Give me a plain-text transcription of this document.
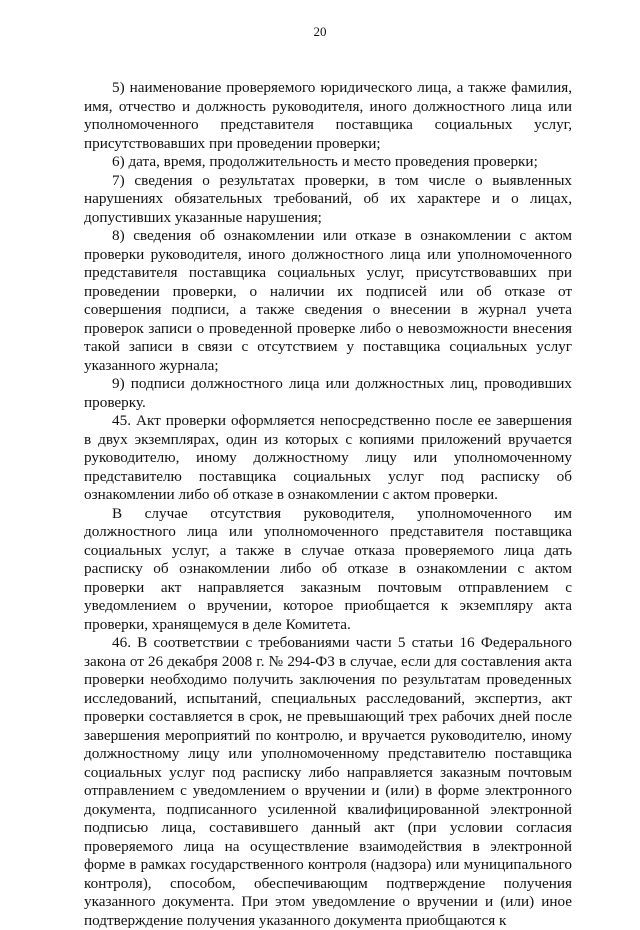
20

5) наименование проверяемого юридического лица, а также фамилия, имя, отчество и должность руководителя, иного должностного лица или уполномоченного представителя поставщика социальных услуг, присутствовавших при проведении проверки;

6) дата, время, продолжительность и место проведения проверки;

7) сведения о результатах проверки, в том числе о выявленных нарушениях обязательных требований, об их характере и о лицах, допустивших указанные нарушения;

8) сведения об ознакомлении или отказе в ознакомлении с актом проверки руководителя, иного должностного лица или уполномоченного представителя поставщика социальных услуг, присутствовавших при проведении проверки, о наличии их подписей или об отказе от совершения подписи, а также сведения о внесении в журнал учета проверок записи о проведенной проверке либо о невозможности внесения такой записи в связи с отсутствием у поставщика социальных услуг указанного журнала;

9) подписи должностного лица или должностных лиц, проводивших проверку.

45. Акт проверки оформляется непосредственно после ее завершения в двух экземплярах, один из которых с копиями приложений вручается руководителю, иному должностному лицу или уполномоченному представителю поставщика социальных услуг под расписку об ознакомлении либо об отказе в ознакомлении с актом проверки.

В случае отсутствия руководителя, уполномоченного им должностного лица или уполномоченного представителя поставщика социальных услуг, а также в случае отказа проверяемого лица дать расписку об ознакомлении либо об отказе в ознакомлении с актом проверки акт направляется заказным почтовым отправлением с уведомлением о вручении, которое приобщается к экземпляру акта проверки, хранящемуся в деле Комитета.

46. В соответствии с требованиями части 5 статьи 16 Федерального закона от 26 декабря 2008 г. № 294-ФЗ в случае, если для составления акта проверки необходимо получить заключения по результатам проведенных исследований, испытаний, специальных расследований, экспертиз, акт проверки составляется в срок, не превышающий трех рабочих дней после завершения мероприятий по контролю, и вручается руководителю, иному должностному лицу или уполномоченному представителю поставщика социальных услуг под расписку либо направляется заказным почтовым отправлением с уведомлением о вручении и (или) в форме электронного документа, подписанного усиленной квалифицированной электронной подписью лица, составившего данный акт (при условии согласия проверяемого лица на осуществление взаимодействия в электронной форме в рамках государственного контроля (надзора) или муниципального контроля), способом, обеспечивающим подтверждение получения указанного документа. При этом уведомление о вручении и (или) иное подтверждение получения указанного документа приобщаются к
